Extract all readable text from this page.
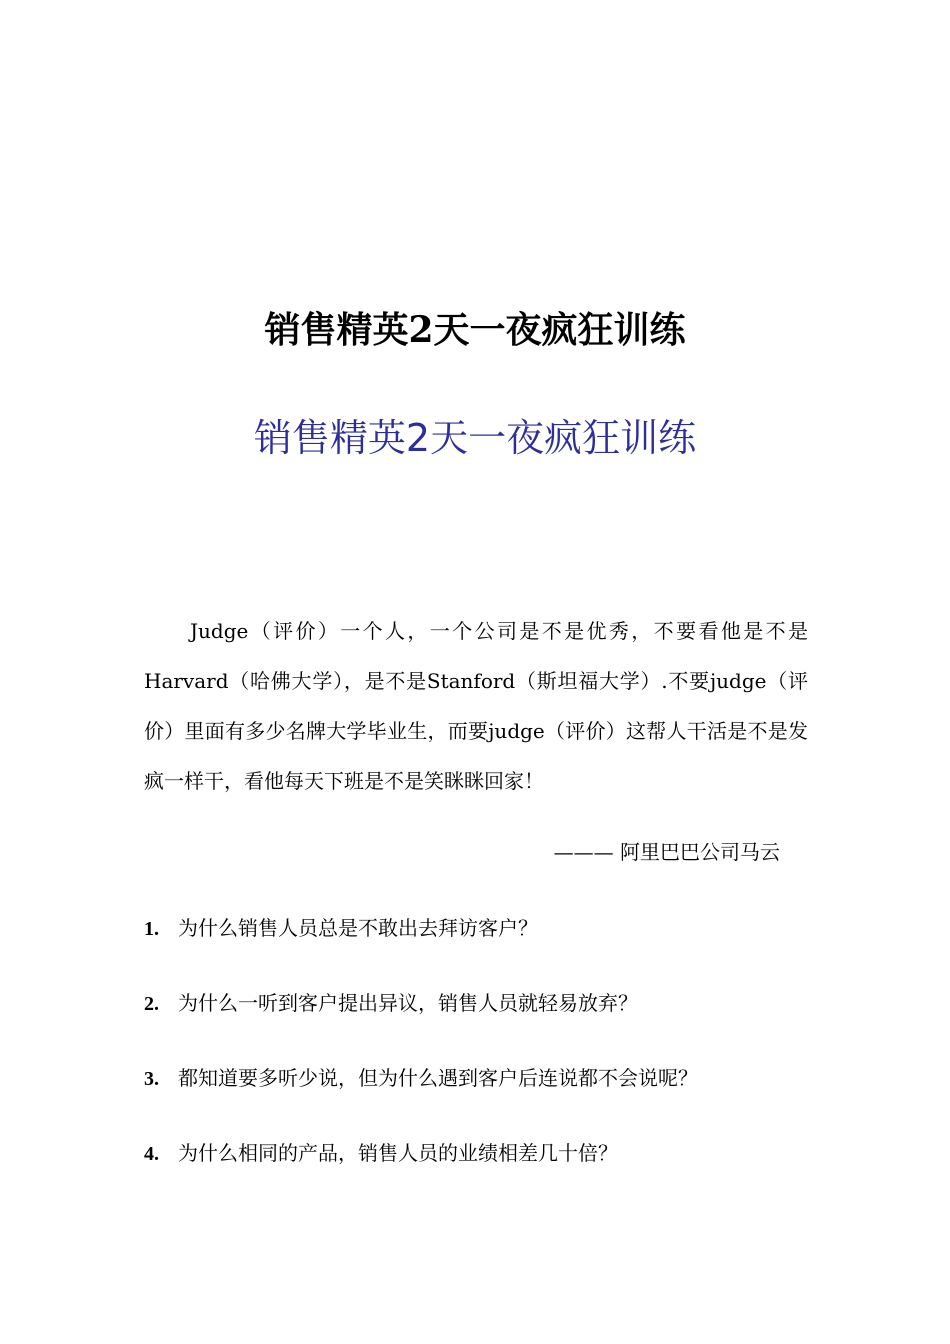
销售精英2天一夜疯狂训练
销售精英2天一夜疯狂训练
Judge（评价）一个人，一个公司是不是优秀，不要看他是不是Harvard（哈佛大学），是不是Stanford（斯坦福大学）.不要judge（评价）里面有多少名牌大学毕业生，而要judge（评价）这帮人干活是不是发疯一样干，看他每天下班是不是笑眯眯回家！
——— 阿里巴巴公司马云
1. 为什么销售人员总是不敢出去拜访客户？
2. 为什么一听到客户提出异议，销售人员就轻易放弃？
3. 都知道要多听少说，但为什么遇到客户后连说都不会说呢？
4. 为什么相同的产品，销售人员的业绩相差几十倍？
